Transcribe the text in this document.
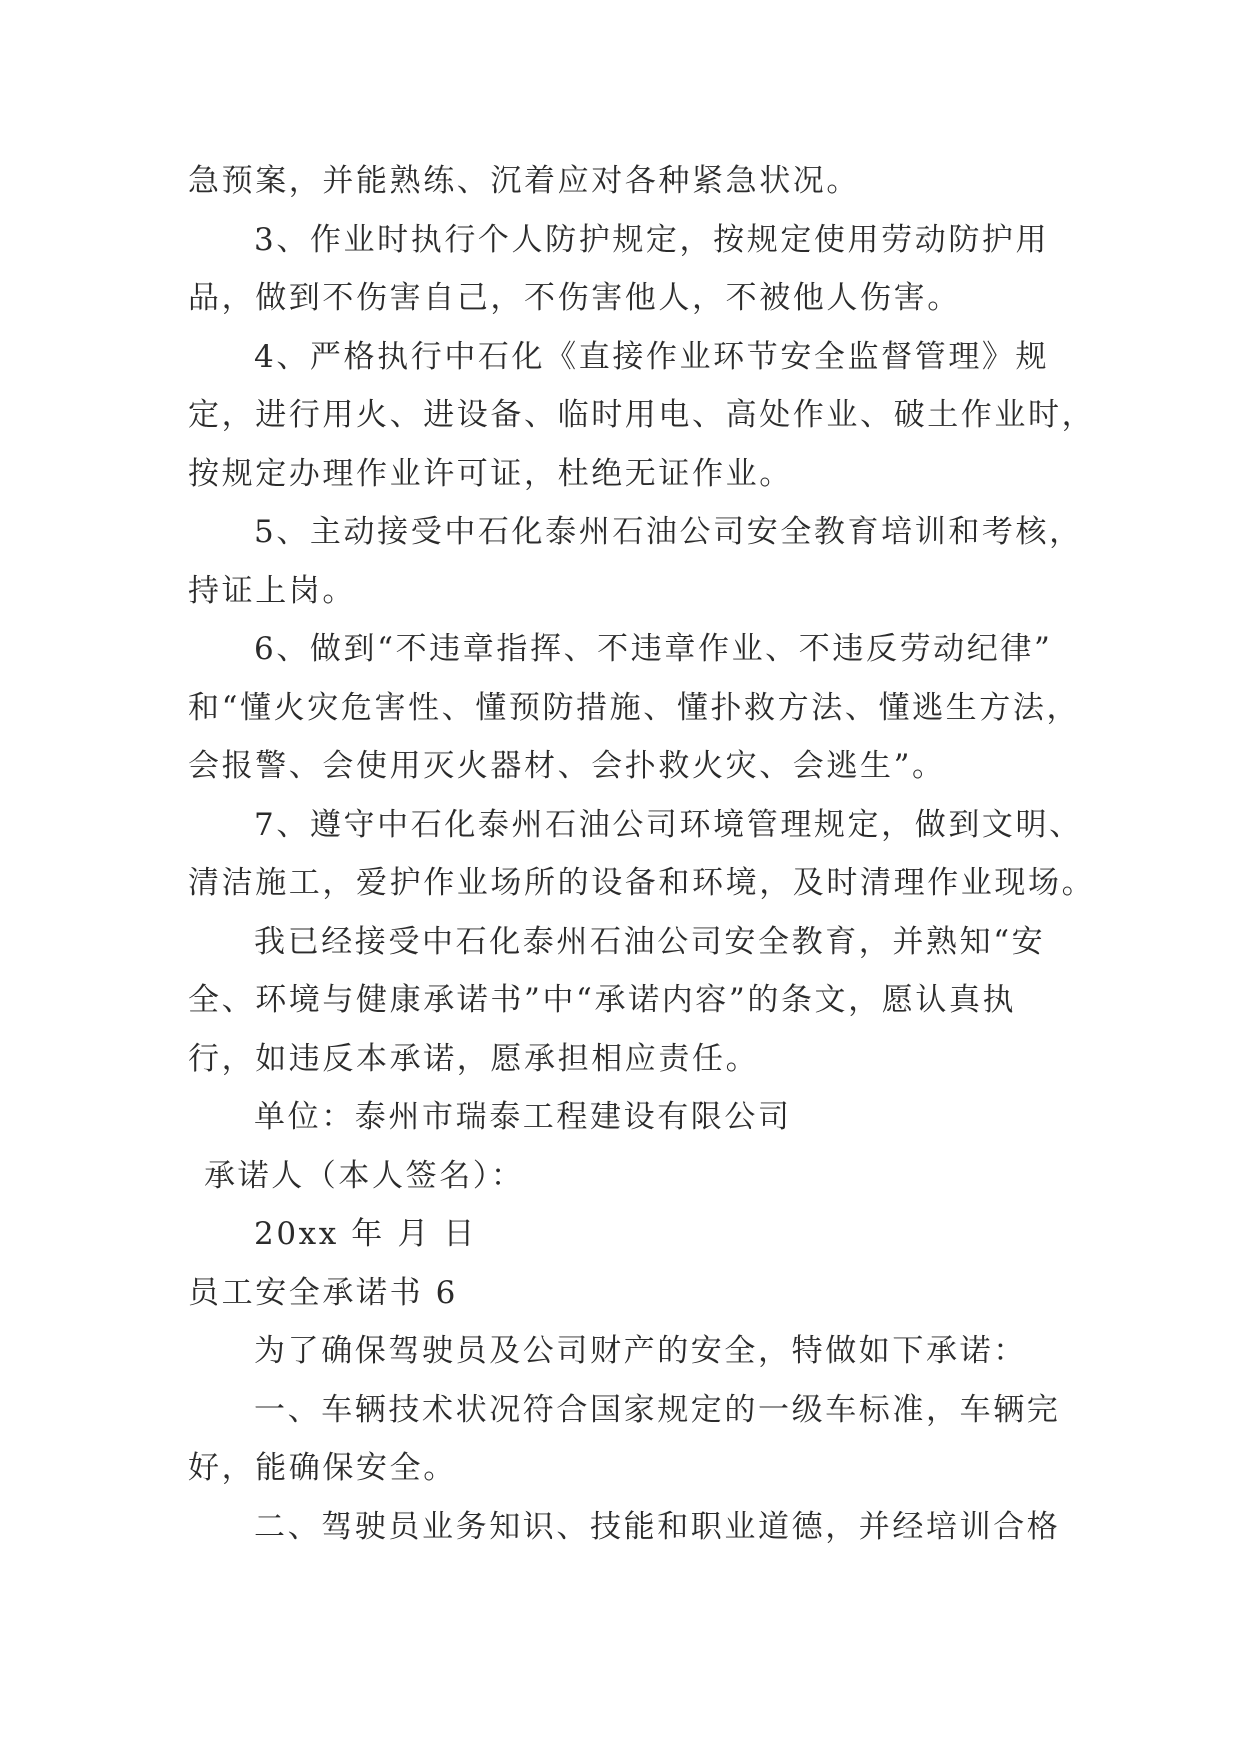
急预案，并能熟练、沉着应对各种紧急状况。

3、作业时执行个人防护规定，按规定使用劳动防护用

品，做到不伤害自己，不伤害他人，不被他人伤害。

4、严格执行中石化《直接作业环节安全监督管理》规

定，进行用火、进设备、临时用电、高处作业、破土作业时，

按规定办理作业许可证，杜绝无证作业。

5、主动接受中石化泰州石油公司安全教育培训和考核，

持证上岗。

6、做到“不违章指挥、不违章作业、不违反劳动纪律”

和“懂火灾危害性、懂预防措施、懂扑救方法、懂逃生方法，

会报警、会使用灭火器材、会扑救火灾、会逃生”。

7、遵守中石化泰州石油公司环境管理规定，做到文明、

清洁施工，爱护作业场所的设备和环境，及时清理作业现场。

我已经接受中石化泰州石油公司安全教育，并熟知“安

全、环境与健康承诺书”中“承诺内容”的条文，愿认真执

行，如违反本承诺，愿承担相应责任。

单位：泰州市瑞泰工程建设有限公司

承诺人（本人签名）：

20xx 年 月 日

员工安全承诺书 6

为了确保驾驶员及公司财产的安全，特做如下承诺：

一、车辆技术状况符合国家规定的一级车标准，车辆完

好，能确保安全。

二、驾驶员业务知识、技能和职业道德，并经培训合格
